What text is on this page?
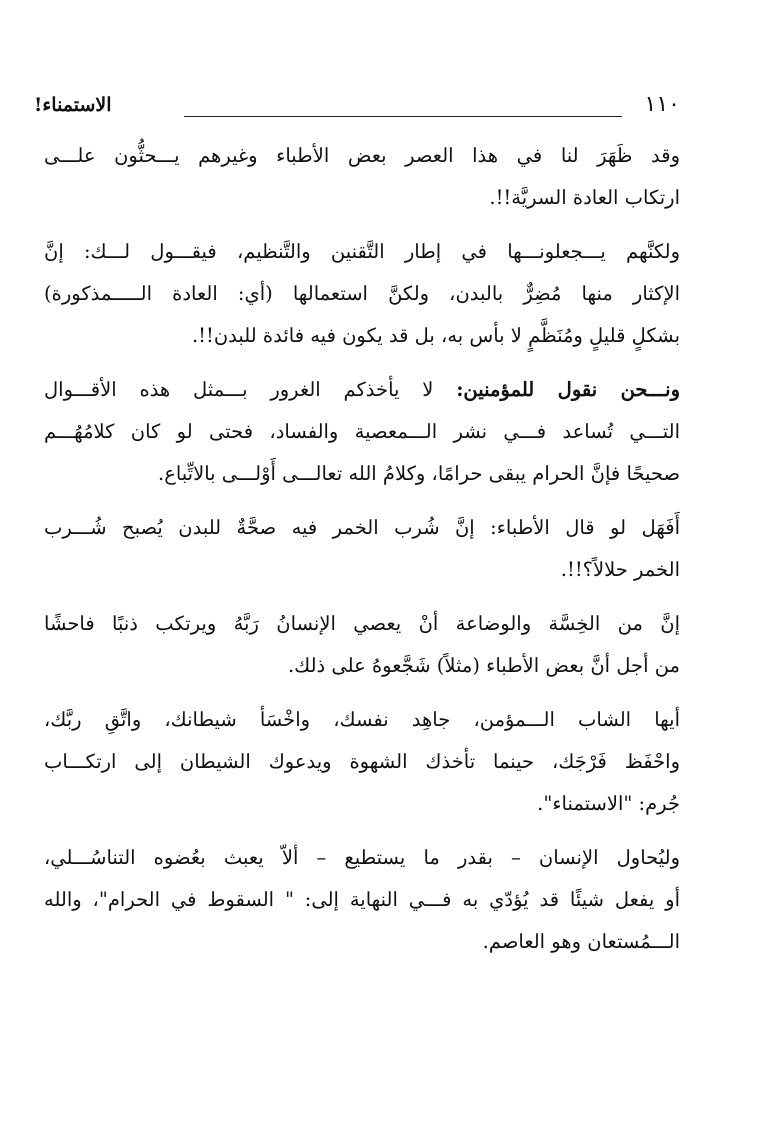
١١٠
الاستمناء!

وقد ظَهَرَ لنا في هذا العصر بعض الأطباء وغيرهم يـــحثُّون علـــى
ارتكاب العادة السريَّة!!.

ولكنَّهم يـــجعلونـــها في إطار التَّقنين والتَّنظيم، فيقـــول لـــك: إنَّ
الإكثار منها مُضِرٌّ بالبدن، ولكنَّ استعمالها (أي: العادة الـــــمذكورة)
بشكلٍ قليلٍ ومُنَظَّمٍ لا بأس به، بل قد يكون فيه فائدة للبدن!!.

ونـــحن نقول للمؤمنين: لا يأخذكم الغرور بـــمثل هذه الأقـــوال
التـــي تُساعد فـــي نشر الـــمعصية والفساد، فحتى لو كان كلامُهُـــم
صحيحًا فإنَّ الحرام يبقى حرامًا، وكلامُ الله تعالـــى أَوْلـــى بالاتِّباع.

أَفَهَل لو قال الأطباء: إنَّ شُرب الخمر فيه صحَّةٌ للبدن يُصبح شُـــرب
الخمر حلالاً؟!!.

إنَّ من الخِسَّة والوضاعة أنْ يعصي الإنسانُ رَبَّهُ ويرتكب ذنبًا فاحشًا
من أجل أنَّ بعض الأطباء (مثلاً) شَجَّعوهُ على ذلك.

أيها الشاب الـــمؤمن، جاهِد نفسك، واخْسَأ شيطانك، واتَّقِ ربَّك،
واحْفَظ فَرْجَك، حينما تأخذك الشهوة ويدعوك الشيطان إلى ارتكـــاب
جُرم: "الاستمناء".

وليُحاول الإنسان – بقدر ما يستطيع – ألاّ يعبث بعُضوه التناسُـــلي،
أو يفعل شيئًا قد يُؤدّي به فـــي النهاية إلى: " السقوط في الحرام"، والله
الـــمُستعان وهو العاصم.
